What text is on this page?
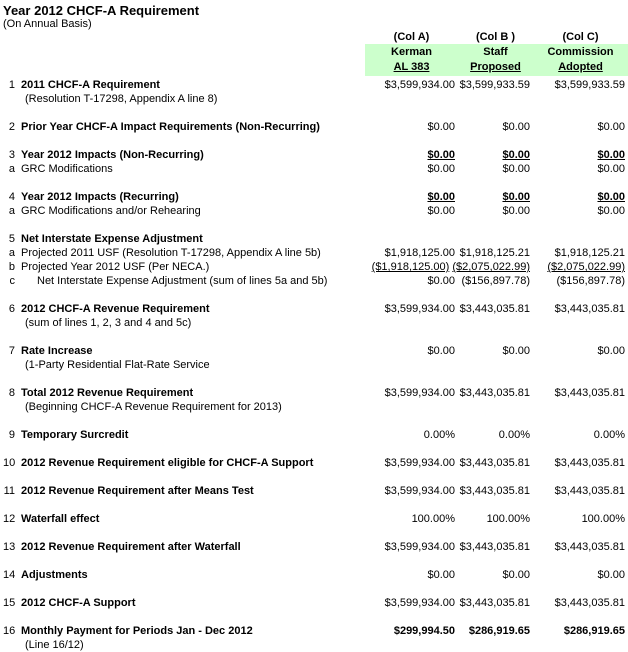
Year 2012 CHCF-A Requirement
(On Annual Basis)
(Col A)	(Col B )	(Col C)
Kerman	Staff	Commission
AL 383	Proposed	Adopted
1 2011 CHCF-A Requirement	$3,599,934.00 $3,599,933.59	$3,599,933.59
(Resolution T-17298, Appendix A line 8)
2 Prior Year CHCF-A Impact Requirements (Non-Recurring)	$0.00	$0.00	$0.00
3 Year 2012 Impacts (Non-Recurring)	$0.00	$0.00	$0.00
a GRC Modifications	$0.00	$0.00	$0.00
4 Year 2012 Impacts (Recurring)	$0.00	$0.00	$0.00
a GRC Modifications and/or Rehearing	$0.00	$0.00	$0.00
5 Net Interstate Expense Adjustment
a Projected 2011 USF (Resolution T-17298, Appendix A line 5b)	$1,918,125.00 $1,918,125.21	$1,918,125.21
b Projected Year 2012 USF (Per NECA.)	($1,918,125.00) ($2,075,022.99)	($2,075,022.99)
c	Net Interstate Expense Adjustment (sum of lines 5a and 5b)	$0.00 ($156,897.78)	($156,897.78)
6 2012 CHCF-A Revenue Requirement	$3,599,934.00 $3,443,035.81	$3,443,035.81
(sum of lines 1, 2, 3 and 4 and 5c)
7 Rate Increase	$0.00	$0.00	$0.00
(1-Party Residential Flat-Rate Service
8 Total 2012 Revenue Requirement	$3,599,934.00 $3,443,035.81	$3,443,035.81
(Beginning CHCF-A Revenue Requirement for 2013)
9 Temporary Surcredit	0.00%	0.00%	0.00%
10 2012 Revenue Requirement eligible for CHCF-A Support	$3,599,934.00 $3,443,035.81	$3,443,035.81
11 2012 Revenue Requirement after Means Test	$3,599,934.00 $3,443,035.81	$3,443,035.81
12 Waterfall effect	100.00%	100.00%	100.00%
13 2012 Revenue Requirement after Waterfall	$3,599,934.00 $3,443,035.81	$3,443,035.81
14 Adjustments	$0.00	$0.00	$0.00
15 2012 CHCF-A Support	$3,599,934.00 $3,443,035.81	$3,443,035.81
16 Monthly Payment for Periods Jan - Dec 2012	$299,994.50	$286,919.65	$286,919.65
(Line 16/12)
